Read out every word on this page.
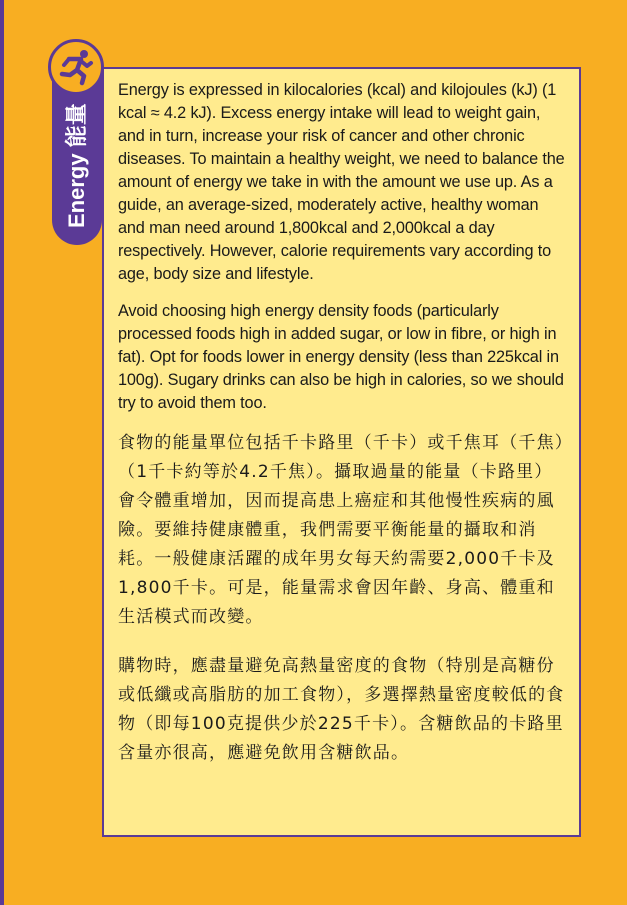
Energy 能量

Energy is expressed in kilocalories (kcal) and kilojoules (kJ) (1 kcal ≈ 4.2 kJ). Excess energy intake will lead to weight gain, and in turn, increase your risk of cancer and other chronic diseases. To maintain a healthy weight, we need to balance the amount of energy we take in with the amount we use up. As a guide, an average-sized, moderately active, healthy woman and man need around 1,800kcal and 2,000kcal a day respectively. However, calorie requirements vary according to age, body size and lifestyle.

Avoid choosing high energy density foods (particularly processed foods high in added sugar, or low in fibre, or high in fat). Opt for foods lower in energy density (less than 225kcal in 100g). Sugary drinks can also be high in calories, so we should try to avoid them too.

食物的能量單位包括千卡路里（千卡）或千焦耳（千焦）（1千卡約等於4.2千焦）。攝取過量的能量（卡路里）會令體重增加，因而提高患上癌症和其他慢性疾病的風險。要維持健康體重，我們需要平衡能量的攝取和消耗。一般健康活躍的成年男女每天約需要2,000千卡及1,800千卡。可是，能量需求會因年齡、身高、體重和生活模式而改變。

購物時，應盡量避免高熱量密度的食物（特別是高糖份或低纖或高脂肪的加工食物），多選擇熱量密度較低的食物（即每100克提供少於225千卡）。含糖飲品的卡路里含量亦很高，應避免飲用含糖飲品。
